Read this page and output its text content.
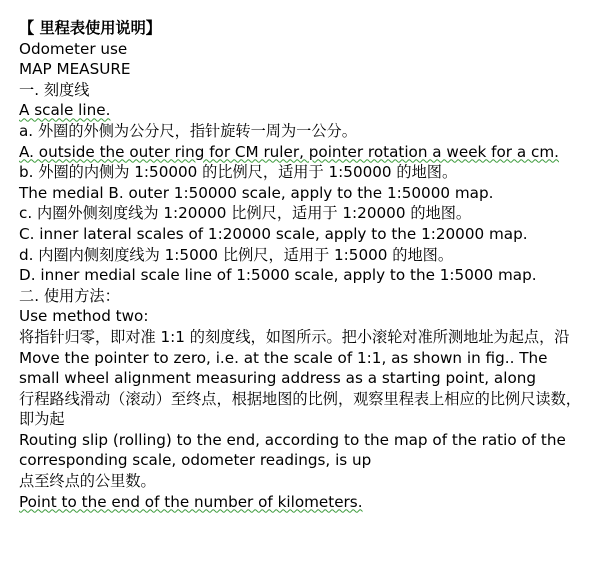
【 里程表使用说明】
Odometer use
MAP MEASURE
一. 刻度线
A scale line.
a. 外圈的外侧为公分尺，指针旋转一周为一公分。
A. outside the outer ring for CM ruler, pointer rotation a week for a cm.
b. 外圈的内侧为 1:50000 的比例尺，适用于 1:50000 的地图。
The medial B. outer 1:50000 scale, apply to the 1:50000 map.
c. 内圈外侧刻度线为 1:20000 比例尺，适用于 1:20000 的地图。
C. inner lateral scales of 1:20000 scale, apply to the 1:20000 map.
d. 内圈内侧刻度线为 1:5000 比例尺，适用于 1:5000 的地图。
D. inner medial scale line of 1:5000 scale, apply to the 1:5000 map.
二. 使用方法：
Use method two:
将指针归零，即对准 1:1 的刻度线，如图所示。把小滚轮对准所测地址为起点，沿
Move the pointer to zero, i.e. at the scale of 1:1, as shown in fig.. The small wheel alignment measuring address as a starting point, along
行程路线滑动（滚动）至终点，根据地图的比例，观察里程表上相应的比例尺读数，即为起
Routing slip (rolling) to the end, according to the map of the ratio of the corresponding scale, odometer readings, is up
点至终点的公里数。
Point to the end of the number of kilometers.
